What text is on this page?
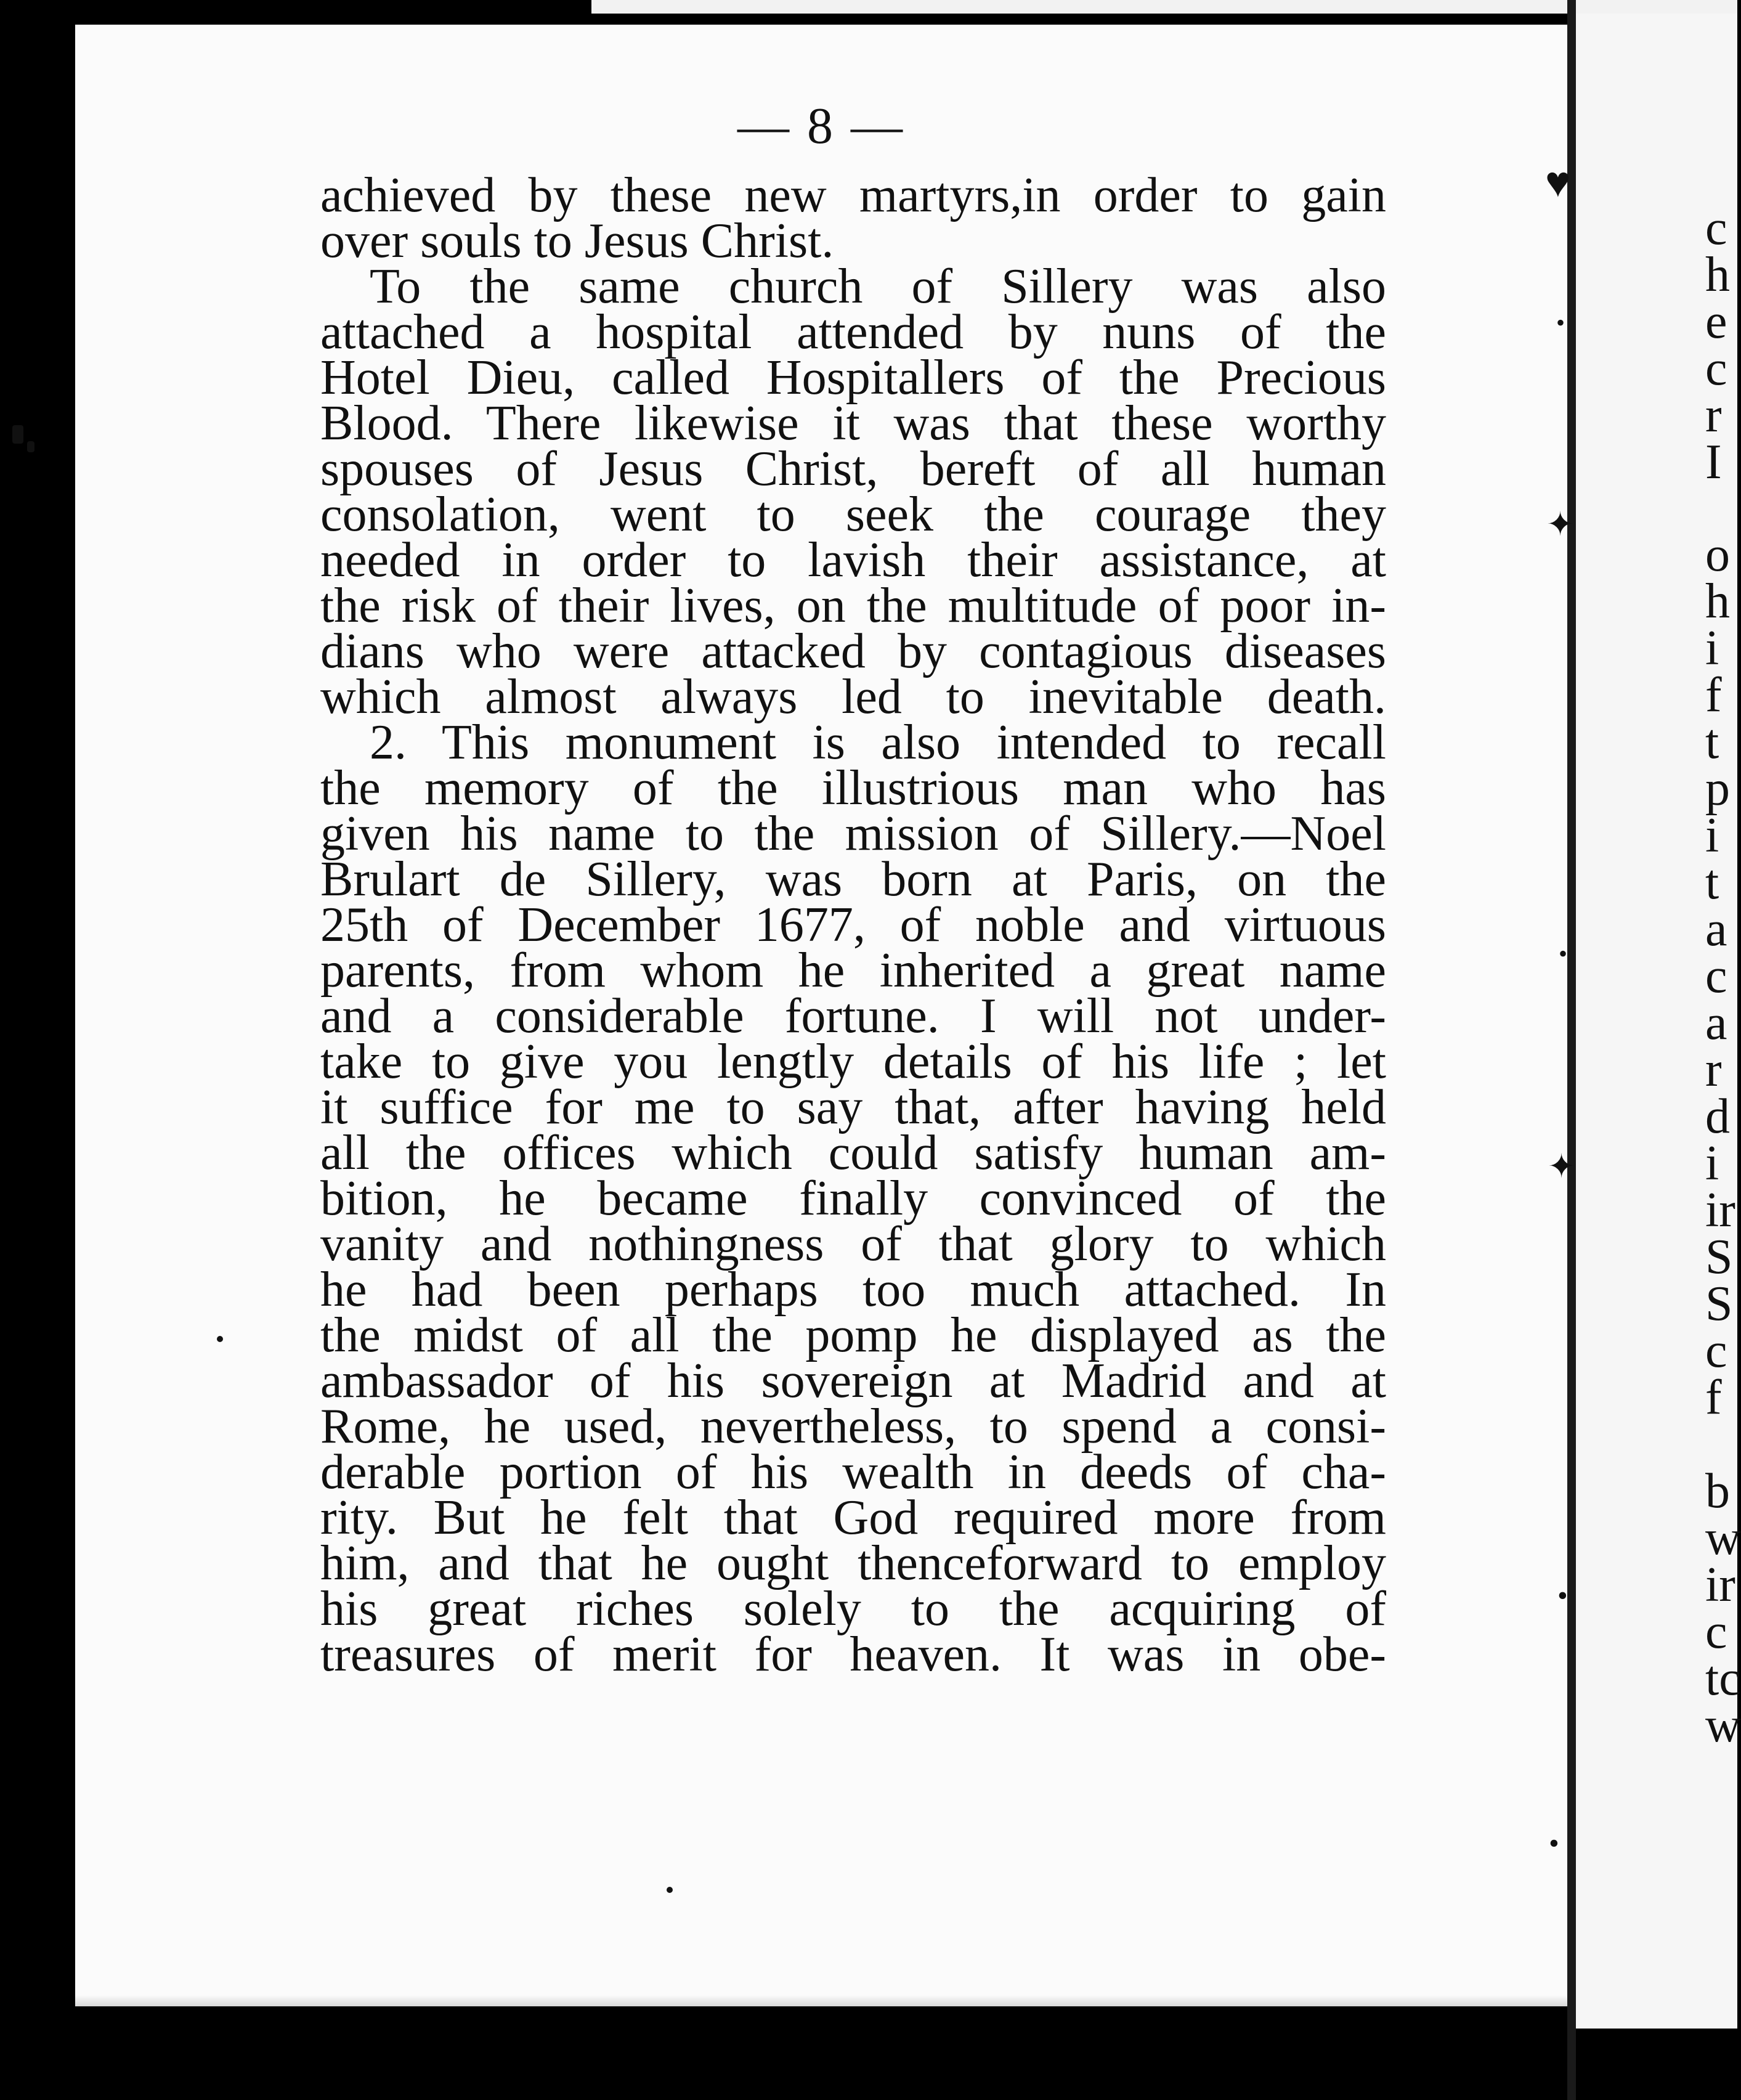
— 8 —
achieved by these new martyrs,in order to gain
over souls to Jesus Christ.
To the same church of Sillery was also
attached a hospital attended by nuns of the
Hotel Dieu, called Hospitallers of the Precious
Blood. There likewise it was that these worthy
spouses of Jesus Christ, bereft of all human
consolation, went to seek the courage they
needed in order to lavish their assistance, at
the risk of their lives, on the multitude of poor in-
dians who were attacked by contagious diseases
which almost always led to inevitable death.
2. This monument is also intended to recall
the memory of the illustrious man who has
given his name to the mission of Sillery.—Noel
Brulart de Sillery, was born at Paris, on the
25th of December 1677, of noble and virtuous
parents, from whom he inherited a great name
and a considerable fortune. I will not under-
take to give you lengtly details of his life ; let
it suffice for me to say that, after having held
all the offices which could satisfy human am-
bition, he became finally convinced of the
vanity and nothingness of that glory to which
he had been perhaps too much attached. In
the midst of all the pomp he displayed as the
ambassador of his sovereign at Madrid and at
Rome, he used, nevertheless, to spend a consi-
derable portion of his wealth in deeds of cha-
rity. But he felt that God required more from
him, and that he ought thenceforward to employ
his great riches solely to the acquiring of
treasures of merit for heaven. It was in obe-
♥
•
✦
•
✦
•
•
c
h
e
c
r
I
o
h
i
f
t
p
i
t
a
c
a
r
d
i
ir
S
S
c
f
b
w
ir
c
tc
w
